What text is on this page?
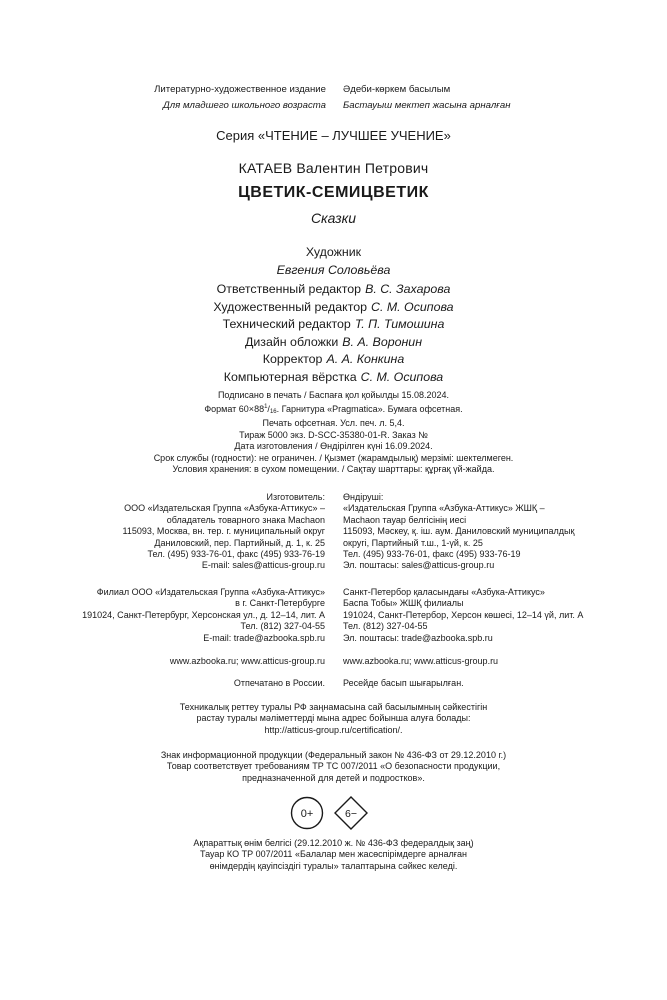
Литературно-художественное издание
Для младшего школьного возраста
Әдеби-көркем басылым
Бастауыш мектеп жасына арналған
Серия «ЧТЕНИЕ – ЛУЧШЕЕ УЧЕНИЕ»
КАТАЕВ Валентин Петрович
ЦВЕТИК-СЕМИЦВЕТИК
Сказки
Художник
Евгения Соловьёва
Ответственный редактор В. С. Захарова
Художественный редактор С. М. Осипова
Технический редактор Т. П. Тимошина
Дизайн обложки В. А. Воронин
Корректор А. А. Конкина
Компьютерная вёрстка С. М. Осипова
Подписано в печать / Баспаға қол қойылды 15.08.2024.
Формат $60\times 88^1/_{16}$. Гарнитура «Pragmatica». Бумага офсетная.
Печать офсетная. Усл. печ. л. 5,4.
Тираж 5000 экз. D-SCC-35380-01-R. Заказ №
Дата изготовления / Өндірілген күні 16.09.2024.
Срок службы (годности): не ограничен. / Қызмет (жарамдылық) мерзімі: шектелмеген.
Условия хранения: в сухом помещении. / Сақтау шарттары: құрғақ үй-жайда.
Изготовитель:
ООО «Издательская Группа «Азбука-Аттикус» –
обладатель товарного знака Machaon
115093, Москва, вн. тер. г. муниципальный округ
Даниловский, пер. Партийный, д. 1, к. 25
Тел. (495) 933-76-01, факс (495) 933-76-19
E-mail: sales@atticus-group.ru
Өндіруші:
«Издательская Группа «Азбука-Аттикус» ЖШҚ –
Machaon тауар белгісінің иесі
115093, Мәскеу, қ. іш. аум. Даниловский муниципалдық
округі, Партийный т.ш., 1-үй, к. 25
Тел. (495) 933-76-01, факс (495) 933-76-19
Эл. поштасы: sales@atticus-group.ru
Филиал ООО «Издательская Группа «Азбука-Аттикус»
в г. Санкт-Петербурге
191024, Санкт-Петербург, Херсонская ул., д. 12–14, лит. А
Тел. (812) 327-04-55
E-mail: trade@azbooka.spb.ru
Санкт-Петербор қаласындағы «Азбука-Аттикус»
Баспа Тобы» ЖШҚ филиалы
191024, Санкт-Петербор, Херсон көшесі, 12–14 үй, лит. А
Тел. (812) 327-04-55
Эл. поштасы: trade@azbooka.spb.ru
www.azbooka.ru; www.atticus-group.ru www.azbooka.ru; www.atticus-group.ru
Отпечатано в России. Ресейде басып шығарылған.
Техникалық реттеу туралы РФ заңнамасына сай басылымның сәйкестігін
растау туралы мәліметтерді мына адрес бойынша алуға болады:
http://atticus-group.ru/certification/.
Знак информационной продукции (Федеральный закон № 436-ФЗ от 29.12.2010 г.)
Товар соответствует требованиям ТР ТС 007/2011 «О безопасности продукции,
предназначенной для детей и подростков».
0+	6−
Ақпараттық өнім белгісі (29.12.2010 ж. № 436-ФЗ федералдық заң)
Тауар КО ТР 007/2011 «Балалар мен жасөспірімдерге арналған
өнімдердің қауіпсіздігі туралы» талаптарына сәйкес келеді.
